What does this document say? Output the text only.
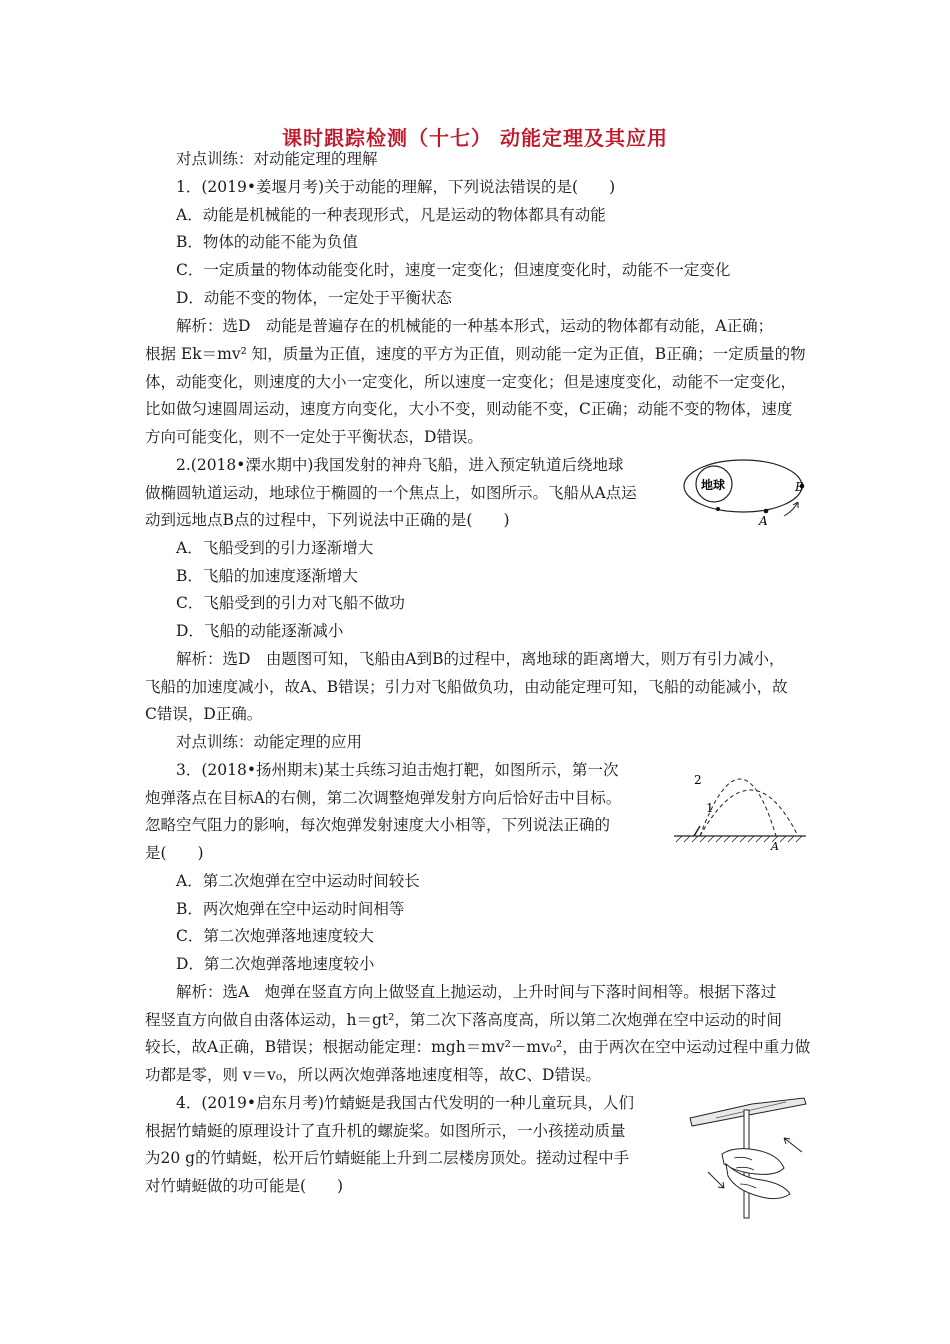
课时跟踪检测（十七） 动能定理及其应用
对点训练：对动能定理的理解
1．(2019•姜堰月考)关于动能的理解，下列说法错误的是(　　)
A．动能是机械能的一种表现形式，凡是运动的物体都具有动能
B．物体的动能不能为负值
C．一定质量的物体动能变化时，速度一定变化；但速度变化时，动能不一定变化
D．动能不变的物体，一定处于平衡状态
解析：选D　动能是普遍存在的机械能的一种基本形式，运动的物体都有动能，A正确；
根据 Ek＝mv² 知，质量为正值，速度的平方为正值，则动能一定为正值，B正确；一定质量的物
体，动能变化，则速度的大小一定变化，所以速度一定变化；但是速度变化，动能不一定变化，
比如做匀速圆周运动，速度方向变化，大小不变，则动能不变，C正确；动能不变的物体，速度
方向可能变化，则不一定处于平衡状态，D错误。
2.(2018•溧水期中)我国发射的神舟飞船，进入预定轨道后绕地球
做椭圆轨道运动，地球位于椭圆的一个焦点上，如图所示。飞船从A点运
动到远地点B点的过程中，下列说法中正确的是(　　)
地球	B
A
A．飞船受到的引力逐渐增大
B．飞船的加速度逐渐增大
C．飞船受到的引力对飞船不做功
D．飞船的动能逐渐减小
解析：选D　由题图可知，飞船由A到B的过程中，离地球的距离增大，则万有引力减小，
飞船的加速度减小，故A、B错误；引力对飞船做负功，由动能定理可知，飞船的动能减小，故
C错误，D正确。
对点训练：动能定理的应用
3．(2018•扬州期末)某士兵练习迫击炮打靶，如图所示，第一次
炮弹落点在目标A的右侧，第二次调整炮弹发射方向后恰好击中目标。
忽略空气阻力的影响，每次炮弹发射速度大小相等，下列说法正确的
是(　　)
1
2
A
A．第二次炮弹在空中运动时间较长
B．两次炮弹在空中运动时间相等
C．第二次炮弹落地速度较大
D．第二次炮弹落地速度较小
解析：选A　炮弹在竖直方向上做竖直上抛运动，上升时间与下落时间相等。根据下落过
程竖直方向做自由落体运动，h＝gt²，第二次下落高度高，所以第二次炮弹在空中运动的时间
较长，故A正确，B错误；根据动能定理：mgh＝mv²－mv₀²，由于两次在空中运动过程中重力做
功都是零，则 v＝v₀，所以两次炮弹落地速度相等，故C、D错误。
4．(2019•启东月考)竹蜻蜓是我国古代发明的一种儿童玩具，人们
根据竹蜻蜓的原理设计了直升机的螺旋桨。如图所示，一小孩搓动质量
为20 g的竹蜻蜓，松开后竹蜻蜓能上升到二层楼房顶处。搓动过程中手
对竹蜻蜓做的功可能是(　　)
